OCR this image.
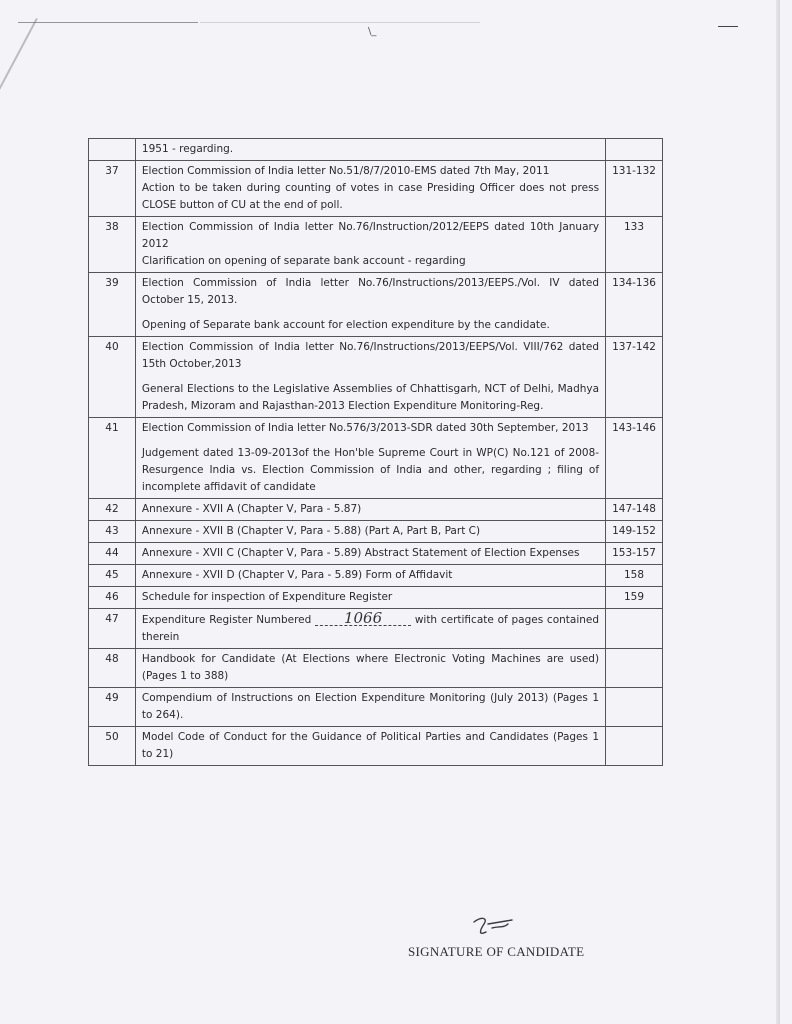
\_

	1951 - regarding.	

37	Election Commission of India letter No.51/8/7/2010-EMS dated 7th May, 2011

Action to be taken during counting of votes in case Presiding Officer does not press CLOSE button of CU at the end of poll.	131-132
38	Election Commission of India letter No.76/Instruction/2012/EEPS dated 10th January 2012

Clarification on opening of separate bank account - regarding	133
39	Election Commission of India letter No.76/Instructions/2013/EEPS./Vol. IV dated October 15, 2013.

Opening of Separate bank account for election expenditure by the candidate.	134-136
40	Election Commission of India letter No.76/Instructions/2013/EEPS/Vol. VIII/762 dated 15th October,2013

General Elections to the Legislative Assemblies of Chhattisgarh, NCT of Delhi, Madhya Pradesh, Mizoram and Rajasthan-2013 Election Expenditure Monitoring-Reg.	137-142
41	Election Commission of India letter No.576/3/2013-SDR dated 30th September, 2013

Judgement dated 13-09-2013of the Hon'ble Supreme Court in WP(C) No.121 of 2008- Resurgence India vs. Election Commission of India and other, regarding ; filing of incomplete affidavit of candidate	143-146
42	Annexure - XVII A (Chapter V, Para - 5.87)	147-148
43	Annexure - XVII B (Chapter V, Para - 5.88) (Part A, Part B, Part C)	149-152
44	Annexure - XVII C (Chapter V, Para - 5.89) Abstract Statement of Election Expenses	153-157
45	Annexure - XVII D (Chapter V, Para - 5.89) Form of Affidavit	158
46	Schedule for inspection of Expenditure Register	159
47	Expenditure Register Numbered 1066 with certificate of pages contained therein	

48	Handbook for Candidate (At Elections where Electronic Voting Machines are used) (Pages 1 to 388)	

49	Compendium of Instructions on Election Expenditure Monitoring (July 2013) (Pages 1 to 264).	

50	Model Code of Conduct for the Guidance of Political Parties and Candidates (Pages 1 to 21)	

SIGNATURE OF CANDIDATE
